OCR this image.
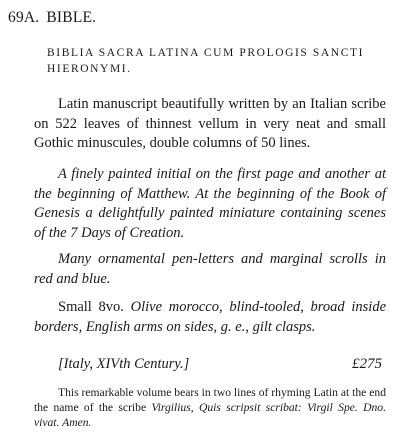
69A. BIBLE.
BIBLIA SACRA LATINA CUM PROLOGIS SANCTI HIERONYMI.

Latin manuscript beautifully written by an Italian scribe on 522 leaves of thinnest vellum in very neat and small Gothic minuscules, double columns of 50 lines.

A finely painted initial on the first page and another at the beginning of Matthew. At the beginning of the Book of Genesis a delightfully painted miniature containing scenes of the 7 Days of Creation.

Many ornamental pen-letters and marginal scrolls in red and blue.

Small 8vo. Olive morocco, blind-tooled, broad inside borders, English arms on sides, g. e., gilt clasps.

[Italy, XIVth Century.]	£275

This remarkable volume bears in two lines of rhyming Latin at the end the name of the scribe Virgilius, Quis scripsit scribat: Virgil Spe. Dno. vivat. Amen.
